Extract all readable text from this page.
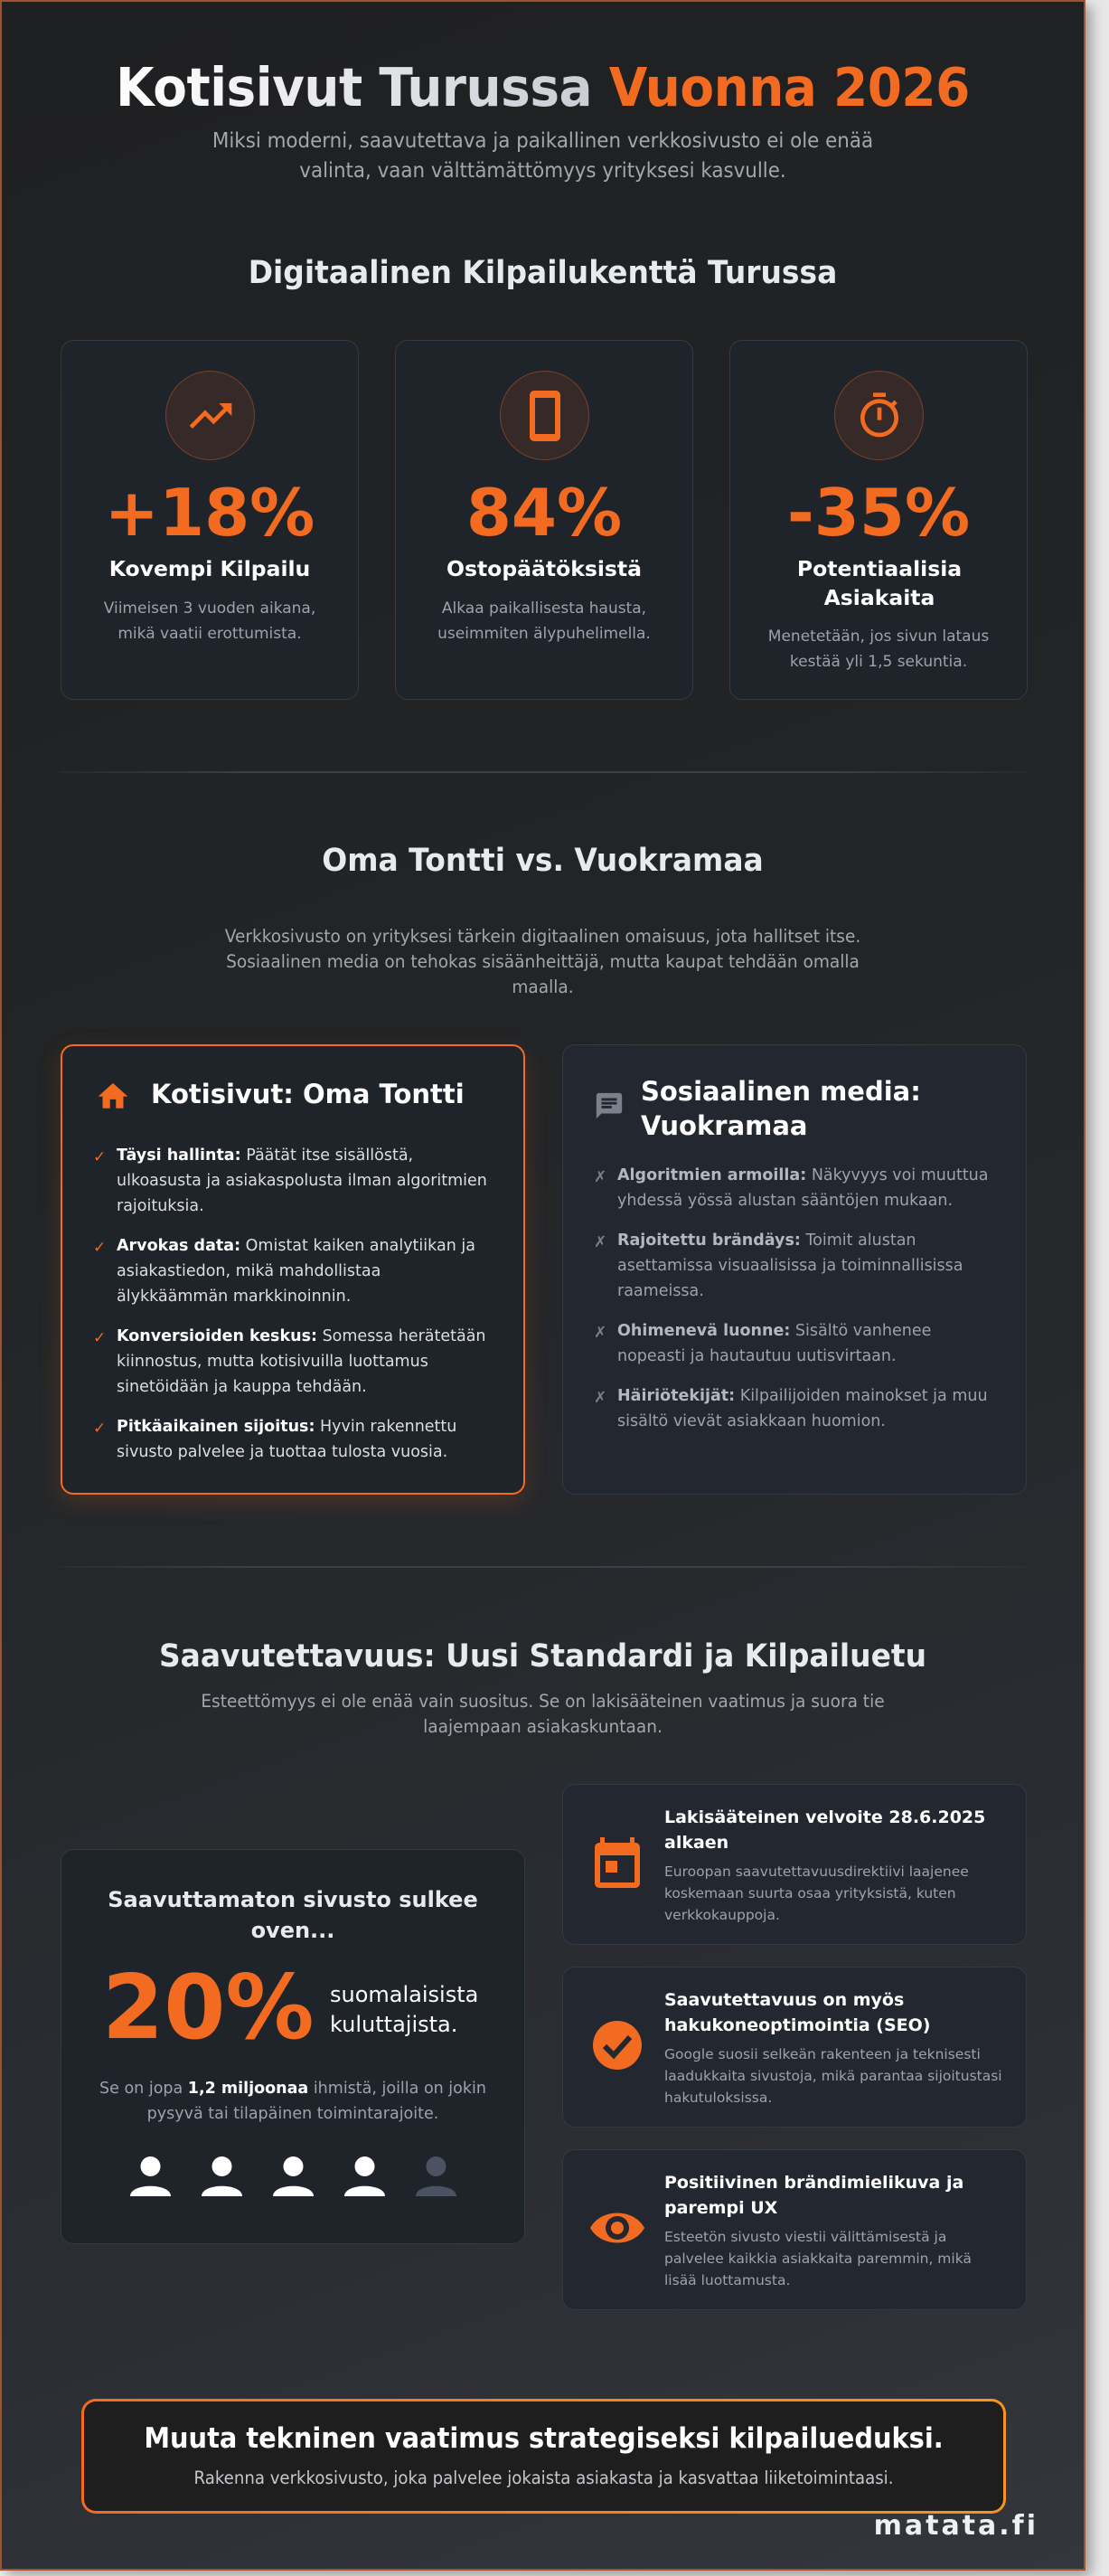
Kotisivut Turussa Vuonna 2026

Miksi moderni, saavutettava ja paikallinen verkkosivusto ei ole enää valinta, vaan välttämättömyys yrityksesi kasvulle.

Digitaalinen Kilpailukenttä Turussa
+18%
Kovempi Kilpailu
Viimeisen 3 vuoden aikana, mikä vaatii erottumista.
84%
Ostopäätöksistä
Alkaa paikallisesta hausta, useimmiten älypuhelimella.
-35%
Potentiaalisia Asiakaita
Menetetään, jos sivun lataus kestää yli 1,5 sekuntia.
Oma Tontti vs. Vuokramaa

Verkkosivusto on yrityksesi tärkein digitaalinen omaisuus, jota hallitset itse. Sosiaalinen media on tehokas sisäänheittäjä, mutta kaupat tehdään omalla maalla.

Kotisivut: Oma Tontti
✓ Täysi hallinta: Päätät itse sisällöstä, ulkoasusta ja asiakaspolusta ilman algoritmien rajoituksia.
✓ Arvokas data: Omistat kaiken analytiikan ja asiakastiedon, mikä mahdollistaa älykkäämmän markkinoinnin.
✓ Konversioiden keskus: Somessa herätetään kiinnostus, mutta kotisivuilla luottamus sinetöidään ja kauppa tehdään.
✓ Pitkäaikainen sijoitus: Hyvin rakennettu sivusto palvelee ja tuottaa tulosta vuosia.
Sosiaalinen media: Vuokramaa
✗ Algoritmien armoilla: Näkyvyys voi muuttua yhdessä yössä alustan sääntöjen mukaan.
✗ Rajoitettu brändäys: Toimit alustan asettamissa visuaalisissa ja toiminnallisissa raameissa.
✗ Ohimenevä luonne: Sisältö vanhenee nopeasti ja hautautuu uutisvirtaan.
✗ Häiriötekijät: Kilpailijoiden mainokset ja muu sisältö vievät asiakkaan huomion.
Saavutettavuus: Uusi Standardi ja Kilpailuetu

Esteettömyys ei ole enää vain suositus. Se on lakisääteinen vaatimus ja suora tie laajempaan asiakaskuntaan.

Saavuttamaton sivusto sulkee oven...
20% suomalaisista kuluttajista.

Se on jopa 1,2 miljoonaa ihmistä, joilla on jokin pysyvä tai tilapäinen toimintarajoite.

Lakisääteinen velvoite 28.6.2025 alkaen
Euroopan saavutettavuusdirektiivi laajenee koskemaan suurta osaa yrityksistä, kuten verkkokauppoja.
Saavutettavuus on myös hakukoneoptimointia (SEO)
Google suosii selkeän rakenteen ja teknisesti laadukkaita sivustoja, mikä parantaa sijoitustasi hakutuloksissa.
Positiivinen brändimielikuva ja parempi UX
Esteetön sivusto viestii välittämisestä ja palvelee kaikkia asiakkaita paremmin, mikä lisää luottamusta.
Muuta tekninen vaatimus strategiseksi kilpailueduksi.
Rakenna verkkosivusto, joka palvelee jokaista asiakasta ja kasvattaa liiketoimintaasi.
matata.fi
